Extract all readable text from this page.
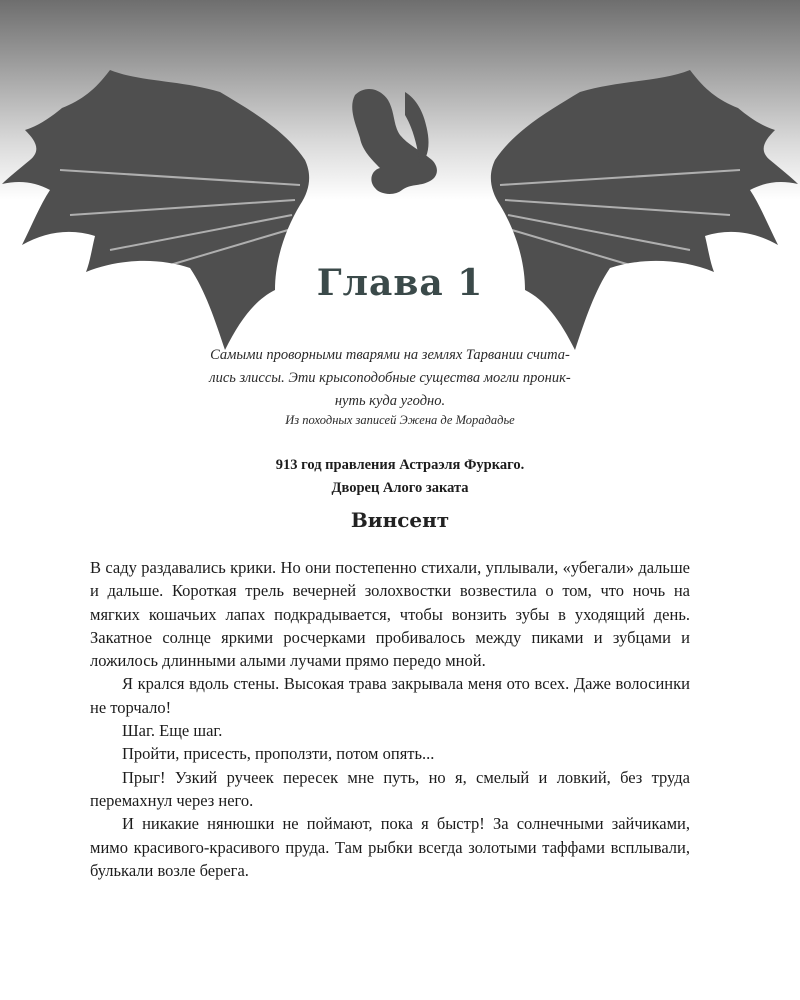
Глава 1
Самыми проворными тварями на землях Тарвании счита-
лись злиссы. Эти крысоподобные существа могли проник-
нуть куда угодно.
Из походных записей Эжена де Морададье
913 год правления Астраэля Фуркаго.
Дворец Алого заката
Винсент

В саду раздавались крики. Но они постепенно стихали, уплывали, «убегали» дальше и дальше. Короткая трель вечерней золохвостки возвестила о том, что ночь на мягких кошачьих лапах подкрадывается, чтобы вонзить зубы в уходящий день. Закатное солнце яркими росчерками пробивалось между пиками и зубцами и ложилось длинными алыми лучами прямо передо мной.

Я крался вдоль стены. Высокая трава закрывала меня ото всех. Даже волосинки не торчало!

Шаг. Еще шаг.

Пройти, присесть, проползти, потом опять...

Прыг! Узкий ручеек пересек мне путь, но я, смелый и ловкий, без труда перемахнул через него.

И никакие нянюшки не поймают, пока я быстр! За солнечными зайчиками, мимо красивого-красивого пруда. Там рыбки всегда золотыми таффами всплывали, булькали возле берега.
